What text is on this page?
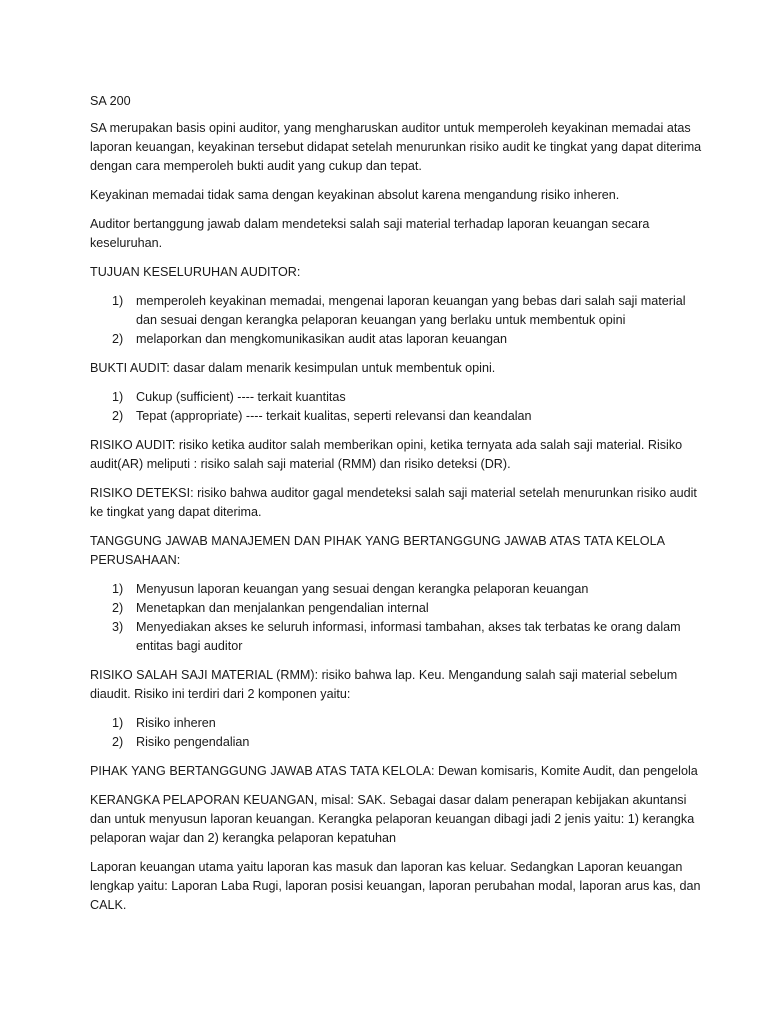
SA 200

SA merupakan basis opini auditor, yang mengharuskan auditor untuk memperoleh keyakinan memadai atas laporan keuangan, keyakinan tersebut didapat setelah menurunkan risiko audit ke tingkat yang dapat diterima dengan cara memperoleh bukti audit yang cukup dan tepat.

Keyakinan memadai tidak sama dengan keyakinan absolut karena mengandung risiko inheren.

Auditor bertanggung jawab dalam mendeteksi salah saji material terhadap laporan keuangan secara keseluruhan.

TUJUAN KESELURUHAN AUDITOR:

1) memperoleh keyakinan memadai, mengenai laporan keuangan yang bebas dari salah saji material dan sesuai dengan kerangka pelaporan keuangan yang berlaku untuk membentuk opini
2) melaporkan dan mengkomunikasikan audit atas laporan keuangan

BUKTI AUDIT: dasar dalam menarik kesimpulan untuk membentuk opini.

1) Cukup (sufficient) ---- terkait kuantitas
2) Tepat (appropriate) ---- terkait kualitas, seperti relevansi dan keandalan

RISIKO AUDIT: risiko ketika auditor salah memberikan opini, ketika ternyata ada salah saji material. Risiko audit(AR) meliputi : risiko salah saji material (RMM) dan risiko deteksi (DR).

RISIKO DETEKSI: risiko bahwa auditor gagal mendeteksi salah saji material setelah menurunkan risiko audit ke tingkat yang dapat diterima.

TANGGUNG JAWAB MANAJEMEN DAN PIHAK YANG BERTANGGUNG JAWAB ATAS TATA KELOLA PERUSAHAAN:

1) Menyusun laporan keuangan yang sesuai dengan kerangka pelaporan keuangan
2) Menetapkan dan menjalankan pengendalian internal
3) Menyediakan akses ke seluruh informasi, informasi tambahan, akses tak terbatas ke orang dalam entitas bagi auditor

RISIKO SALAH SAJI MATERIAL (RMM): risiko bahwa lap. Keu. Mengandung salah saji material sebelum diaudit. Risiko ini terdiri dari 2 komponen yaitu:

1) Risiko inheren
2) Risiko pengendalian

PIHAK YANG BERTANGGUNG JAWAB ATAS TATA KELOLA: Dewan komisaris, Komite Audit, dan pengelola

KERANGKA PELAPORAN KEUANGAN, misal: SAK. Sebagai dasar dalam penerapan kebijakan akuntansi dan untuk menyusun laporan keuangan. Kerangka pelaporan keuangan dibagi jadi 2 jenis yaitu: 1) kerangka pelaporan wajar dan 2) kerangka pelaporan kepatuhan

Laporan keuangan utama yaitu laporan kas masuk dan laporan kas keluar. Sedangkan Laporan keuangan lengkap yaitu: Laporan Laba Rugi, laporan posisi keuangan, laporan perubahan modal, laporan arus kas, dan CALK.
